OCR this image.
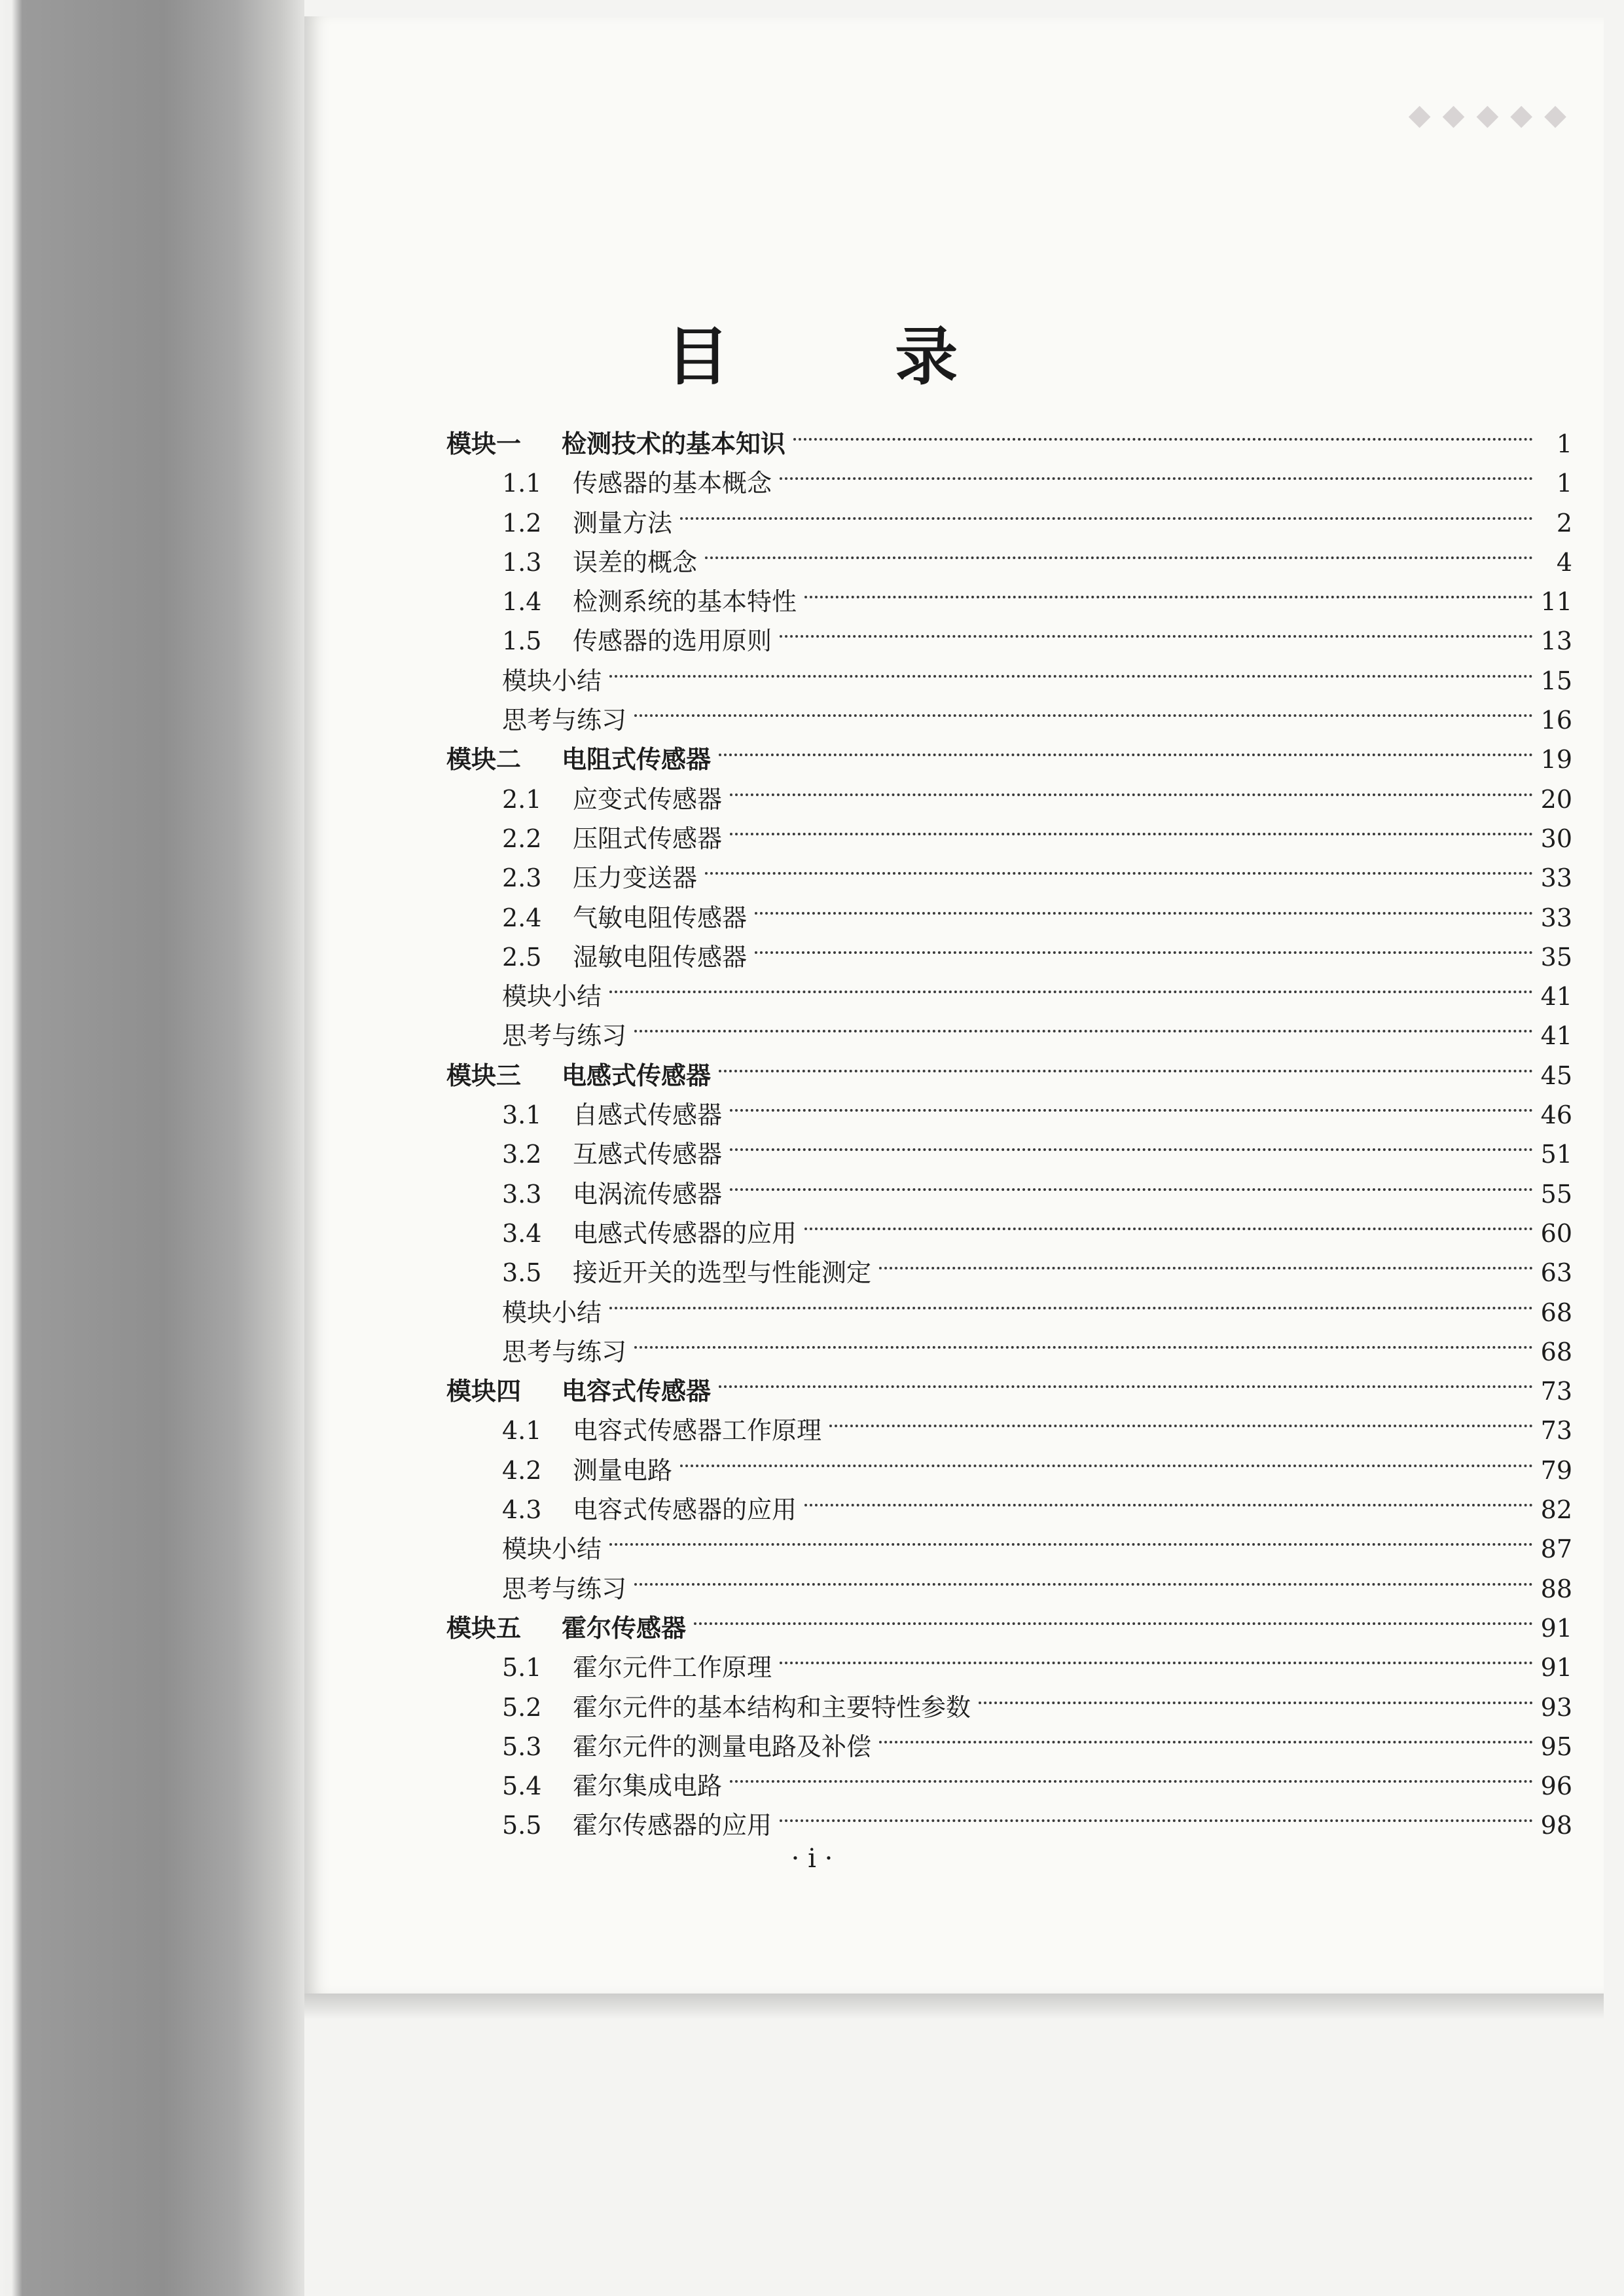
◆◆◆◆◆
目 录
模块一	检测技术的基本知识	1
1.1	传感器的基本概念	1
1.2	测量方法	2
1.3	误差的概念	4
1.4	检测系统的基本特性	11
1.5	传感器的选用原则	13
模块小结	15
思考与练习	16
模块二	电阻式传感器	19
2.1	应变式传感器	20
2.2	压阻式传感器	30
2.3	压力变送器	33
2.4	气敏电阻传感器	33
2.5	湿敏电阻传感器	35
模块小结	41
思考与练习	41
模块三	电感式传感器	45
3.1	自感式传感器	46
3.2	互感式传感器	51
3.3	电涡流传感器	55
3.4	电感式传感器的应用	60
3.5	接近开关的选型与性能测定	63
模块小结	68
思考与练习	68
模块四	电容式传感器	73
4.1	电容式传感器工作原理	73
4.2	测量电路	79
4.3	电容式传感器的应用	82
模块小结	87
思考与练习	88
模块五	霍尔传感器	91
5.1	霍尔元件工作原理	91
5.2	霍尔元件的基本结构和主要特性参数	93
5.3	霍尔元件的测量电路及补偿	95
5.4	霍尔集成电路	96
5.5	霍尔传感器的应用	98
· i ·
